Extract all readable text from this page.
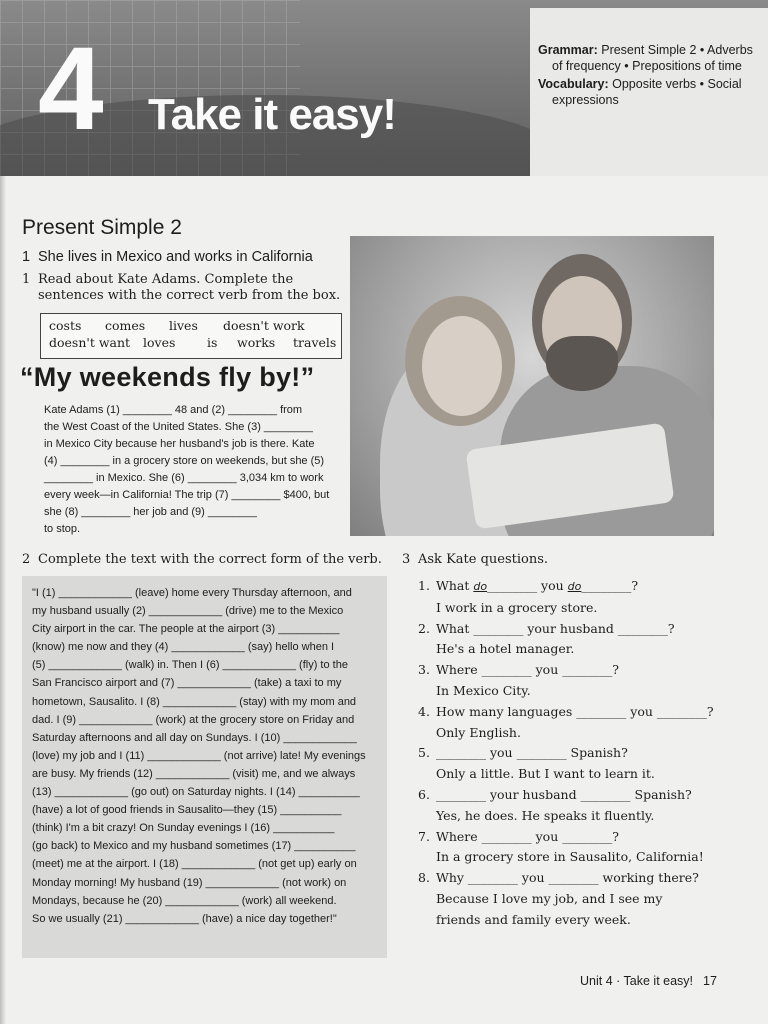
4 Take it easy!
Grammar: Present Simple 2 • Adverbs of frequency • Prepositions of time
Vocabulary: Opposite verbs • Social expressions
Present Simple 2
1 She lives in Mexico and works in California
1 Read about Kate Adams. Complete the sentences with the correct verb from the box.
costs comes lives doesn't work
doesn't want loves	is works travels
“My weekends fly by!”
Kate Adams (1) ________ 48 and (2) ________ from
the West Coast of the United States. She (3) ________
in Mexico City because her husband's job is there. Kate
(4) ________ in a grocery store on weekends, but she (5)
________ in Mexico. She (6) ________ 3,034 km to work
every week—in California! The trip (7) ________ $400, but
she (8) ________ her job and (9) ________
to stop.
2 Complete the text with the correct form of the verb.
"I (1) ____________ (leave) home every Thursday afternoon, and
my husband usually (2) ____________ (drive) me to the Mexico
City airport in the car. The people at the airport (3) __________
(know) me now and they (4) ____________ (say) hello when I
(5) ____________ (walk) in. Then I (6) ____________ (fly) to the
San Francisco airport and (7) ____________ (take) a taxi to my
hometown, Sausalito. I (8) ____________ (stay) with my mom and
dad. I (9) ____________ (work) at the grocery store on Friday and
Saturday afternoons and all day on Sundays. I (10) ____________
(love) my job and I (11) ____________ (not arrive) late! My evenings
are busy. My friends (12) ____________ (visit) me, and we always
(13) ____________ (go out) on Saturday nights. I (14) __________
(have) a lot of good friends in Sausalito—they (15) __________
(think) I'm a bit crazy! On Sunday evenings I (16) __________
(go back) to Mexico and my husband sometimes (17) __________
(meet) me at the airport. I (18) ____________ (not get up) early on
Monday morning! My husband (19) ____________ (not work) on
Mondays, because he (20) ____________ (work) all weekend.
So we usually (21) ____________ (have) a nice day together!"
3 Ask Kate questions.
1. What do________ you do________?
I work in a grocery store.
2. What ________ your husband ________?
He's a hotel manager.
3. Where ________ you ________?
In Mexico City.
4. How many languages ________ you ________?
Only English.
5. ________ you ________ Spanish?
Only a little. But I want to learn it.
6. ________ your husband ________ Spanish?
Yes, he does. He speaks it fluently.
7. Where ________ you ________?
In a grocery store in Sausalito, California!
8. Why ________ you ________ working there?
Because I love my job, and I see my friends and family every week.
Unit 4 · Take it easy! 17
